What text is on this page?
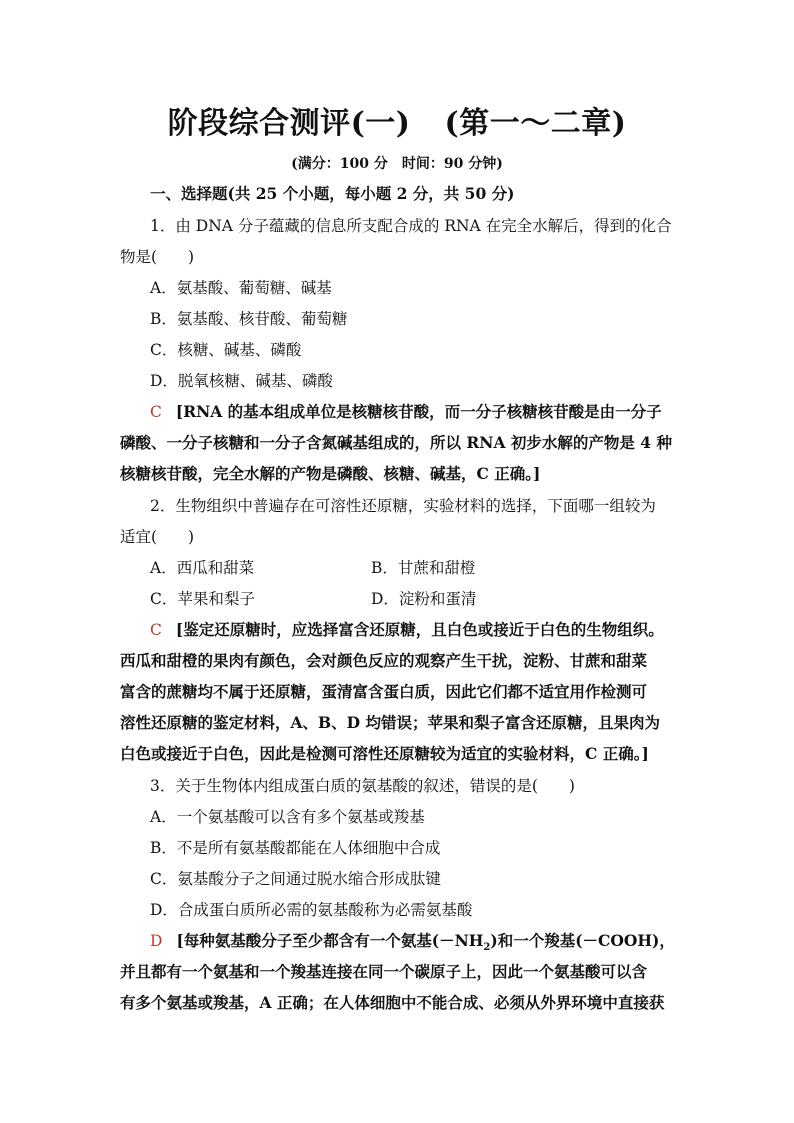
阶段综合测评(一) (第一～二章)
(满分：100 分　时间：90 分钟)
一、选择题(共 25 个小题，每小题 2 分，共 50 分)
1．由 DNA 分子蕴藏的信息所支配合成的 RNA 在完全水解后，得到的化合
物是(　　)
A．氨基酸、葡萄糖、碱基
B．氨基酸、核苷酸、葡萄糖
C．核糖、碱基、磷酸
D．脱氧核糖、碱基、磷酸
C [RNA 的基本组成单位是核糖核苷酸，而一分子核糖核苷酸是由一分子
磷酸、一分子核糖和一分子含氮碱基组成的，所以 RNA 初步水解的产物是 4 种
核糖核苷酸，完全水解的产物是磷酸、核糖、碱基，C 正确。]
2．生物组织中普遍存在可溶性还原糖，实验材料的选择，下面哪一组较为
适宜(　　)
A．西瓜和甜菜	B．甘蔗和甜橙
C．苹果和梨子	D．淀粉和蛋清
C [鉴定还原糖时，应选择富含还原糖，且白色或接近于白色的生物组织。
西瓜和甜橙的果肉有颜色，会对颜色反应的观察产生干扰，淀粉、甘蔗和甜菜
富含的蔗糖均不属于还原糖，蛋清富含蛋白质，因此它们都不适宜用作检测可
溶性还原糖的鉴定材料，A、B、D 均错误；苹果和梨子富含还原糖，且果肉为
白色或接近于白色，因此是检测可溶性还原糖较为适宜的实验材料，C 正确。]
3．关于生物体内组成蛋白质的氨基酸的叙述，错误的是(　　)
A．一个氨基酸可以含有多个氨基或羧基
B．不是所有氨基酸都能在人体细胞中合成
C．氨基酸分子之间通过脱水缩合形成肽键
D．合成蛋白质所必需的氨基酸称为必需氨基酸
D [每种氨基酸分子至少都含有一个氨基$(-NH_2)$和一个羧基(－COOH)，
并且都有一个氨基和一个羧基连接在同一个碳原子上，因此一个氨基酸可以含
有多个氨基或羧基，A 正确；在人体细胞中不能合成、必须从外界环境中直接获
